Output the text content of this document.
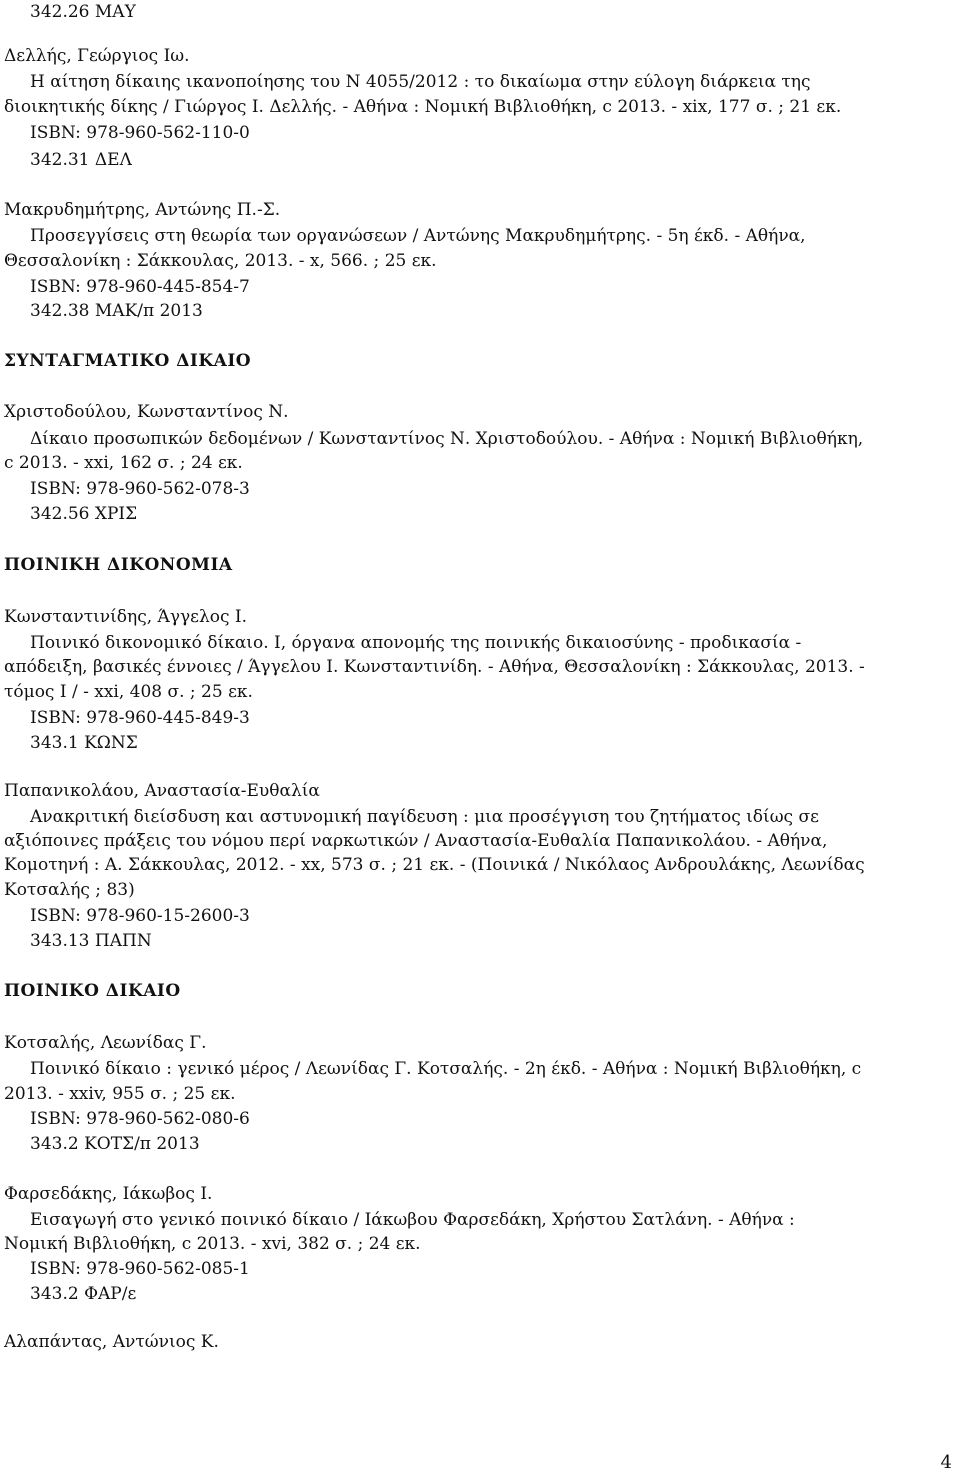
342.26 ΜΑΥ
Δελλής, Γεώργιος Ιω.
Η αίτηση δίκαιης ικανοποίησης του Ν 4055/2012 : το δικαίωμα στην εύλογη διάρκεια της
διοικητικής δίκης / Γιώργος Ι. Δελλής. - Αθήνα : Νομική Βιβλιοθήκη, c 2013. - xix, 177 σ. ; 21 εκ.
ISBN: 978-960-562-110-0
342.31 ΔΕΛ
Μακρυδημήτρης, Αντώνης Π.-Σ.
Προσεγγίσεις στη θεωρία των οργανώσεων / Αντώνης Μακρυδημήτρης. - 5η έκδ. - Αθήνα,
Θεσσαλονίκη : Σάκκουλας, 2013. - x, 566. ; 25 εκ.
ISBN: 978-960-445-854-7
342.38 ΜΑΚ/π 2013
ΣΥΝΤΑΓΜΑΤΙΚΟ ΔΙΚΑΙΟ
Χριστοδούλου, Κωνσταντίνος Ν.
Δίκαιο προσωπικών δεδομένων / Κωνσταντίνος Ν. Χριστοδούλου. - Αθήνα : Νομική Βιβλιοθήκη,
c 2013. - xxi, 162 σ. ; 24 εκ.
ISBN: 978-960-562-078-3
342.56 ΧΡΙΣ
ΠΟΙΝΙΚΗ ΔΙΚΟΝΟΜΙΑ
Κωνσταντινίδης, Άγγελος Ι.
Ποινικό δικονομικό δίκαιο. Ι, όργανα απονομής της ποινικής δικαιοσύνης - προδικασία -
απόδειξη, βασικές έννοιες / Άγγελου Ι. Κωνσταντινίδη. - Αθήνα, Θεσσαλονίκη : Σάκκουλας, 2013. -
τόμος Ι / - xxi, 408 σ. ; 25 εκ.
ISBN: 978-960-445-849-3
343.1 ΚΩΝΣ
Παπανικολάου, Αναστασία-Ευθαλία
Ανακριτική διείσδυση και αστυνομική παγίδευση : μια προσέγγιση του ζητήματος ιδίως σε
αξιόποινες πράξεις του νόμου περί ναρκωτικών / Αναστασία-Ευθαλία Παπανικολάου. - Αθήνα,
Κομοτηνή : Α. Σάκκουλας, 2012. - xx, 573 σ. ; 21 εκ. - (Ποινικά / Νικόλαος Ανδρουλάκης, Λεωνίδας
Κοτσαλής ; 83)
ISBN: 978-960-15-2600-3
343.13 ΠΑΠΝ
ΠΟΙΝΙΚΟ ΔΙΚΑΙΟ
Κοτσαλής, Λεωνίδας Γ.
Ποινικό δίκαιο : γενικό μέρος / Λεωνίδας Γ. Κοτσαλής. - 2η έκδ. - Αθήνα : Νομική Βιβλιοθήκη, c
2013. - xxiv, 955 σ. ; 25 εκ.
ISBN: 978-960-562-080-6
343.2 ΚΟΤΣ/π 2013
Φαρσεδάκης, Ιάκωβος Ι.
Εισαγωγή στο γενικό ποινικό δίκαιο / Ιάκωβου Φαρσεδάκη, Χρήστου Σατλάνη. - Αθήνα :
Νομική Βιβλιοθήκη, c 2013. - xvi, 382 σ. ; 24 εκ.
ISBN: 978-960-562-085-1
343.2 ΦΑΡ/ε
Αλαπάντας, Αντώνιος Κ.
4
